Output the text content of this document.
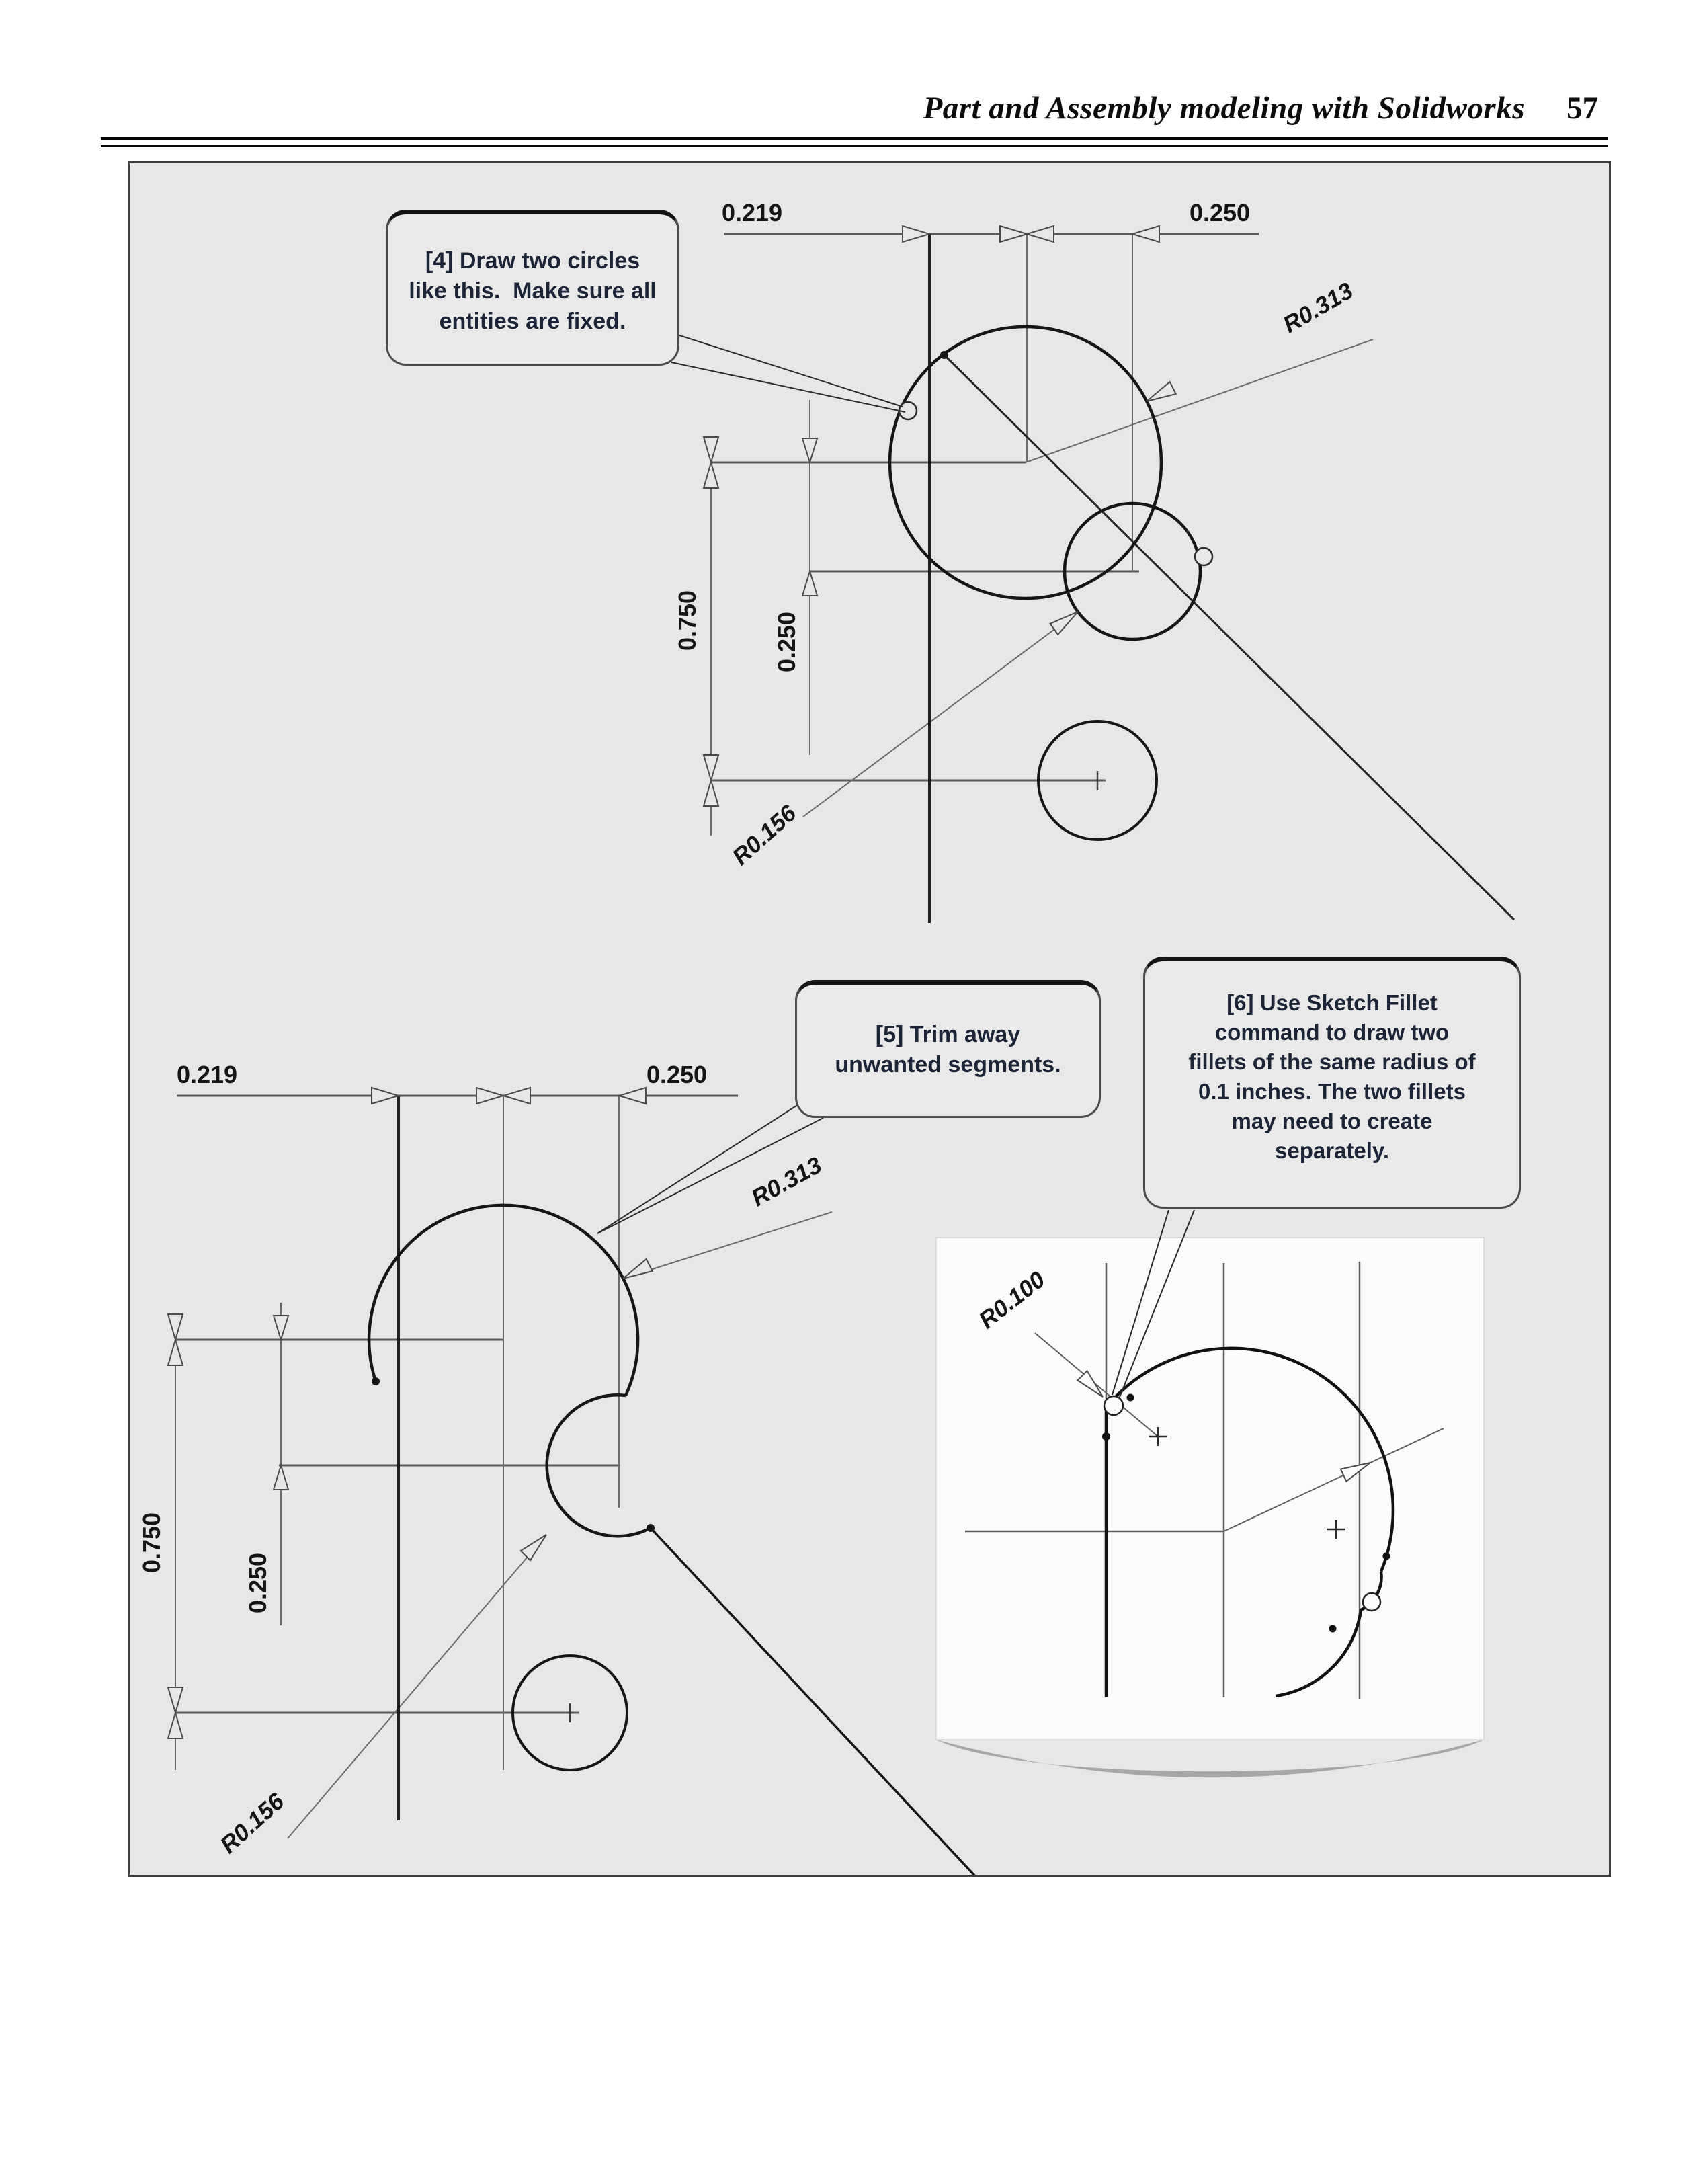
Part and Assembly modeling with Solidworks 57
0.219	0.250
R0.313
0.750	0.250
R0.156
0.219	0.250
R0.313
0.750
0.250
R0.156
R0.100
[4] Draw two circles
like this.  Make sure all
entities are fixed.
[5] Trim away
unwanted segments.
[6] Use Sketch Fillet
command to draw two
fillets of the same radius of
0.1 inches. The two fillets
may need to create
separately.
